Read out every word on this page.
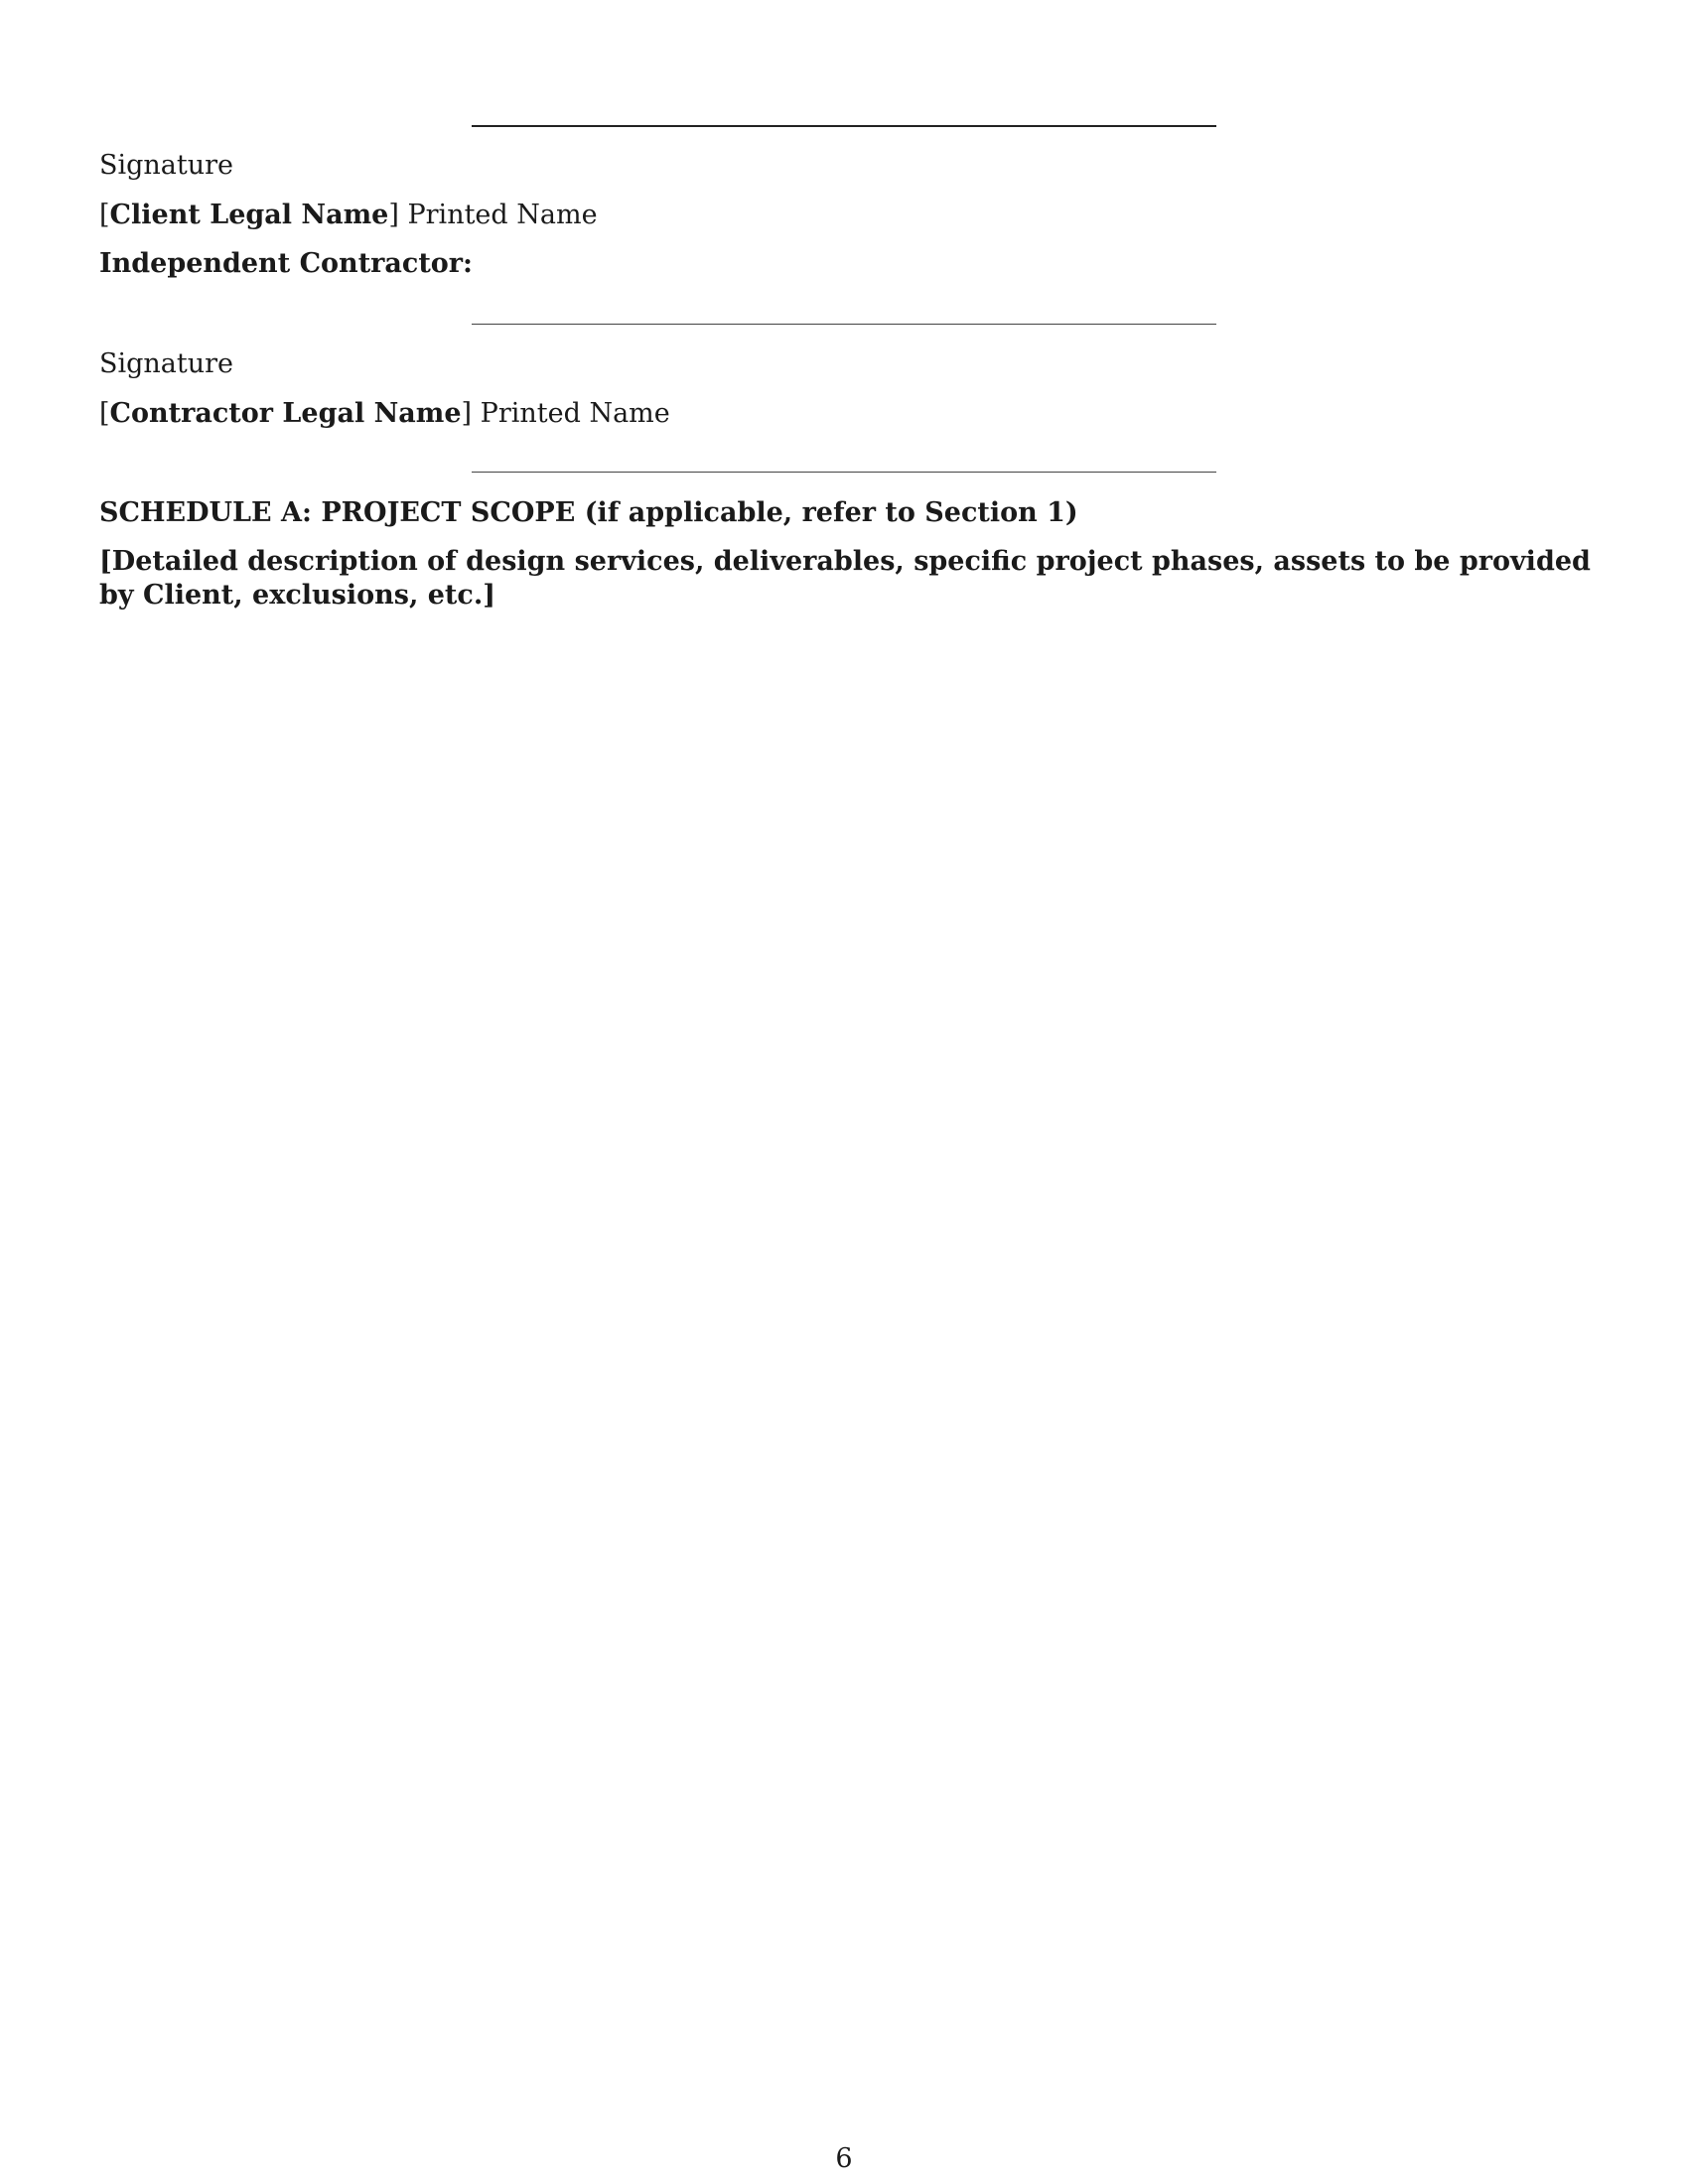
Signature
[Client Legal Name] Printed Name
Independent Contractor:
Signature
[Contractor Legal Name] Printed Name
SCHEDULE A: PROJECT SCOPE (if applicable, refer to Section 1)
[Detailed description of design services, deliverables, specific project phases, assets to be provided by Client, exclusions, etc.]
6
